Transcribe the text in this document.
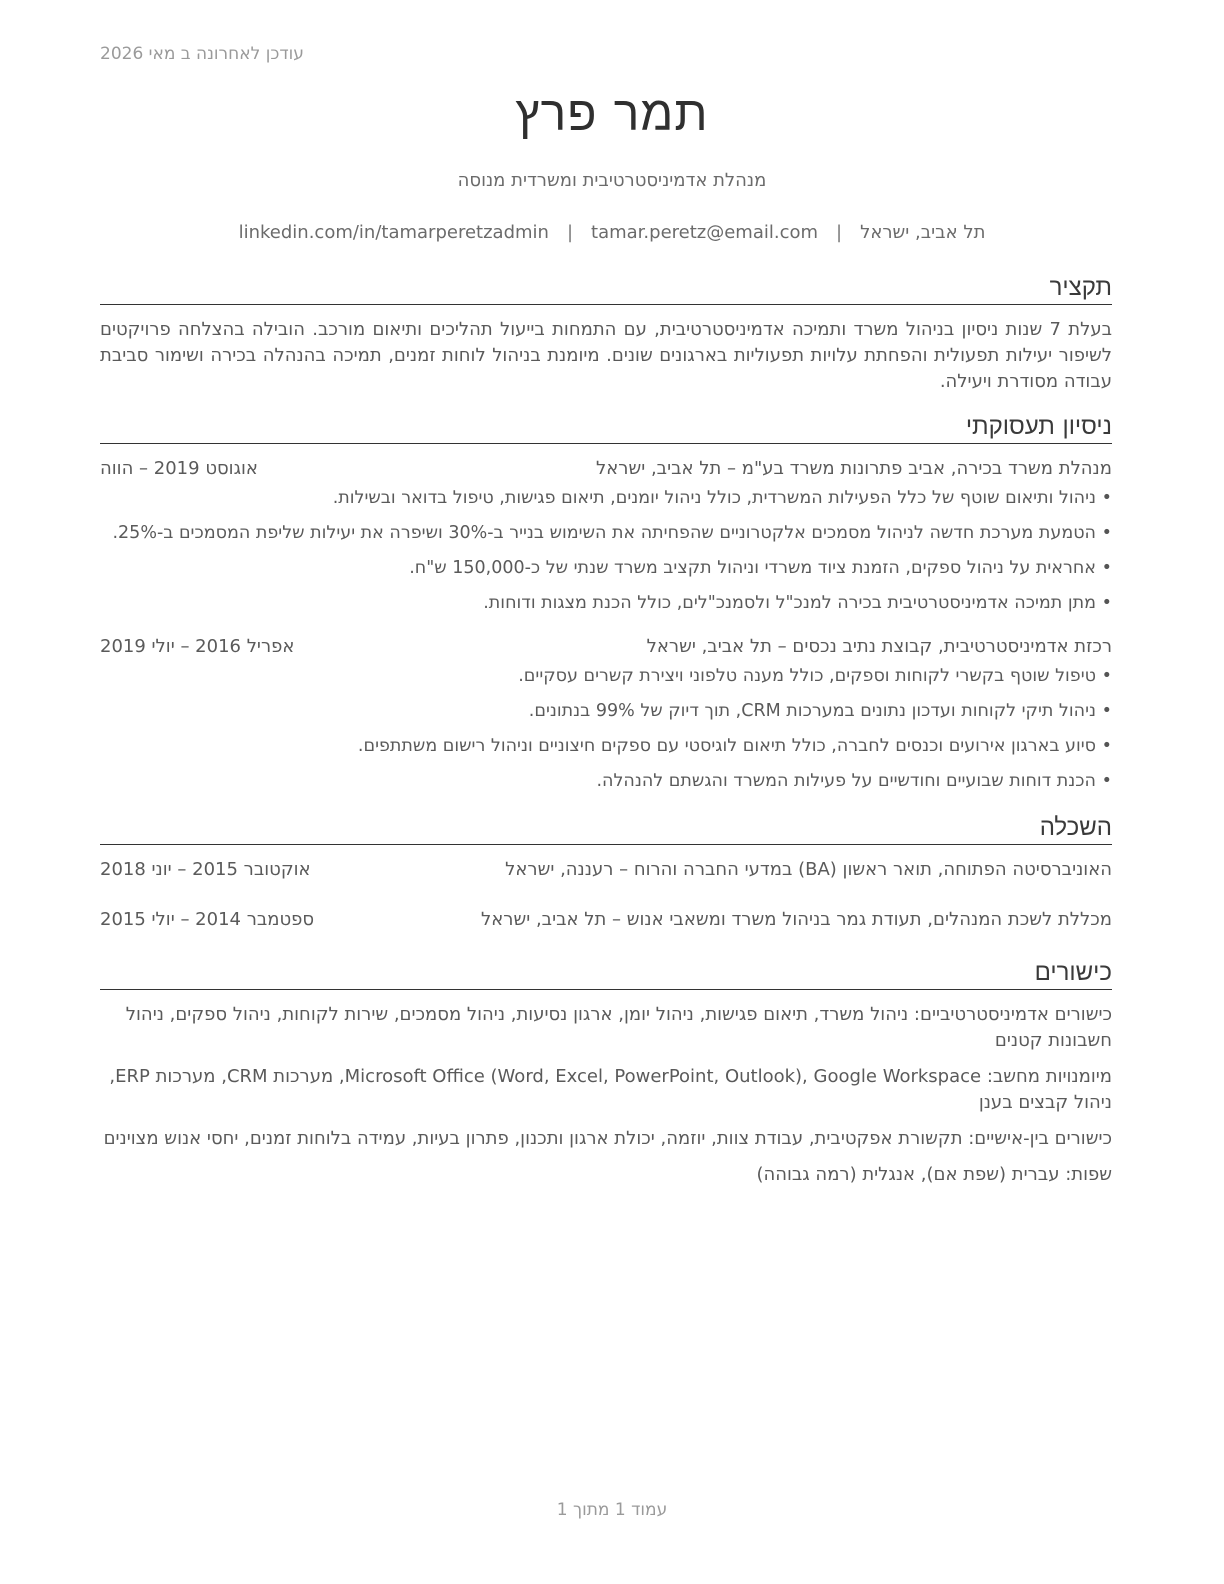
עודכן לאחרונה ב מאי 2026
תמר פרץ
מנהלת אדמיניסטרטיבית ומשרדית מנוסה
תל אביב, ישראל
|
tamar.peretz@email.com
|
linkedin.com/in/tamarperetzadmin
תקציר

בעלת 7 שנות ניסיון בניהול משרד ותמיכה אדמיניסטרטיבית, עם התמחות בייעול תהליכים ותיאום מורכב. הובילה בהצלחה פרויקטים לשיפור יעילות תפעולית והפחתת עלויות תפעוליות בארגונים שונים. מיומנת בניהול לוחות זמנים, תמיכה בהנהלה בכירה ושימור סביבת עבודה מסודרת ויעילה.

ניסיון תעסוקתי
מנהלת משרד בכירה, אביב פתרונות משרד בע"מ – תל אביב, ישראל
אוגוסט 2019 – הווה
• ניהול ותיאום שוטף של כלל הפעילות המשרדית, כולל ניהול יומנים, תיאום פגישות, טיפול בדואר ובשילות.
• הטמעת מערכת חדשה לניהול מסמכים אלקטרוניים שהפחיתה את השימוש בנייר ב-30% ושיפרה את יעילות שליפת המסמכים ב-25%.
• אחראית על ניהול ספקים, הזמנת ציוד משרדי וניהול תקציב משרד שנתי של כ-150,000 ש"ח.
• מתן תמיכה אדמיניסטרטיבית בכירה למנכ"ל ולסמנכ"לים, כולל הכנת מצגות ודוחות.
רכזת אדמיניסטרטיבית, קבוצת נתיב נכסים – תל אביב, ישראל
אפריל 2016 – יולי 2019
• טיפול שוטף בקשרי לקוחות וספקים, כולל מענה טלפוני ויצירת קשרים עסקיים.
• ניהול תיקי לקוחות ועדכון נתונים במערכות CRM, תוך דיוק של 99% בנתונים.
• סיוע בארגון אירועים וכנסים לחברה, כולל תיאום לוגיסטי עם ספקים חיצוניים וניהול רישום משתתפים.
• הכנת דוחות שבועיים וחודשיים על פעילות המשרד והגשתם להנהלה.
השכלה
האוניברסיטה הפתוחה, תואר ראשון (BA) במדעי החברה והרוח – רעננה, ישראל
אוקטובר 2015 – יוני 2018
מכללת לשכת המנהלים, תעודת גמר בניהול משרד ומשאבי אנוש – תל אביב, ישראל
ספטמבר 2014 – יולי 2015
כישורים

כישורים אדמיניסטרטיביים: ניהול משרד, תיאום פגישות, ניהול יומן, ארגון נסיעות, ניהול מסמכים, שירות לקוחות, ניהול ספקים, ניהול חשבונות קטנים

מיומנויות מחשב: Microsoft Office (Word, Excel, PowerPoint, Outlook), Google Workspace, מערכות CRM, מערכות ERP, ניהול קבצים בענן

כישורים בין-אישיים: תקשורת אפקטיבית, עבודת צוות, יוזמה, יכולת ארגון ותכנון, פתרון בעיות, עמידה בלוחות זמנים, יחסי אנוש מצוינים

שפות: עברית (שפת אם), אנגלית (רמה גבוהה)

עמוד 1 מתוך 1
